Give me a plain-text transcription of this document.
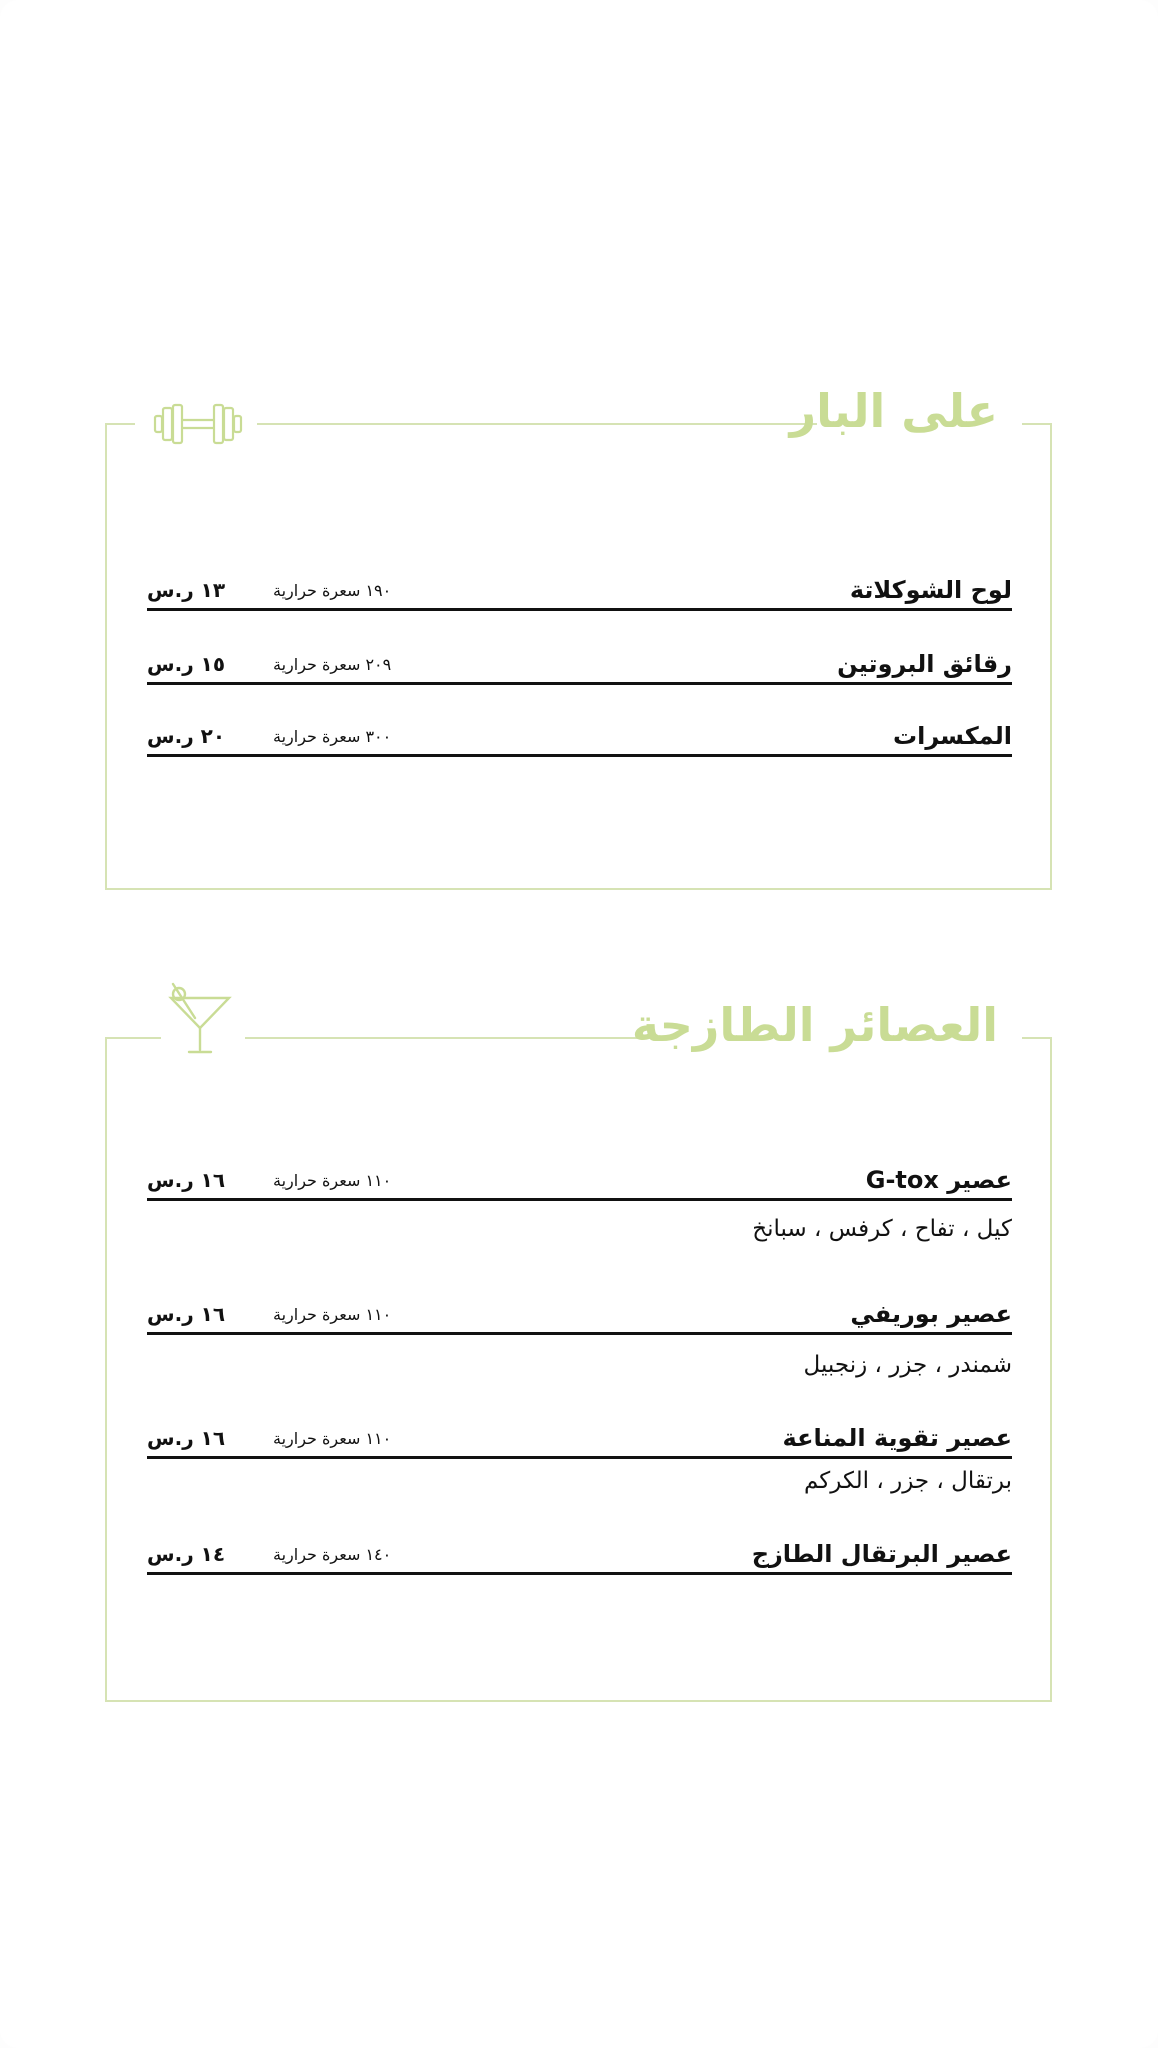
على البار
لوح الشوكلاتة
١٩٠ سعرة حرارية
١٣ ر.س
رقائق البروتين
٢٠٩ سعرة حرارية
١٥ ر.س
المكسرات
٣٠٠ سعرة حرارية
٢٠ ر.س
العصائر الطازجة
عصير G-tox
١١٠ سعرة حرارية
١٦ ر.س
كيل ، تفاح ، كرفس ، سبانخ
عصير بوريفي
١١٠ سعرة حرارية
١٦ ر.س
شمندر ، جزر ، زنجبيل
عصير تقوية المناعة
١١٠ سعرة حرارية
١٦ ر.س
برتقال ، جزر ، الكركم
عصير البرتقال الطازج
١٤٠ سعرة حرارية
١٤ ر.س
